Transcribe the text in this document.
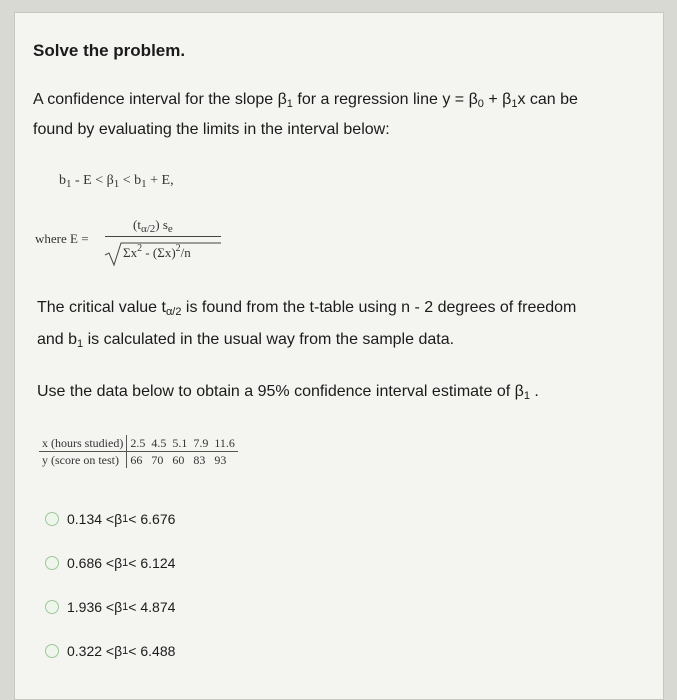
Solve the problem.
A confidence interval for the slope $\beta_1$ for a regression line $y = \beta_0 + \beta_1x$ can be
found by evaluating the limits in the interval below:
$b_1 - E < \beta_1 < b_1 + E$,
where E =
$(t_{\alpha/2})$ $s_e$
$\Sigma x^2 - (\Sigma x)^2/n$
The critical value $t_{\alpha/2}$ is found from the t-table using n - 2 degrees of freedom
and $b_1$ is calculated in the usual way from the sample data.
Use the data below to obtain a 95% confidence interval estimate of $\beta_1$ .
x (hours studied)	2.5	4.5	5.1	7.9	11.6
y (score on test)	66	70	60	83	93
0.134 < β 1 < 6.676
0.686 < β 1 < 6.124
1.936 < β 1 < 4.874
0.322 < β 1 < 6.488
